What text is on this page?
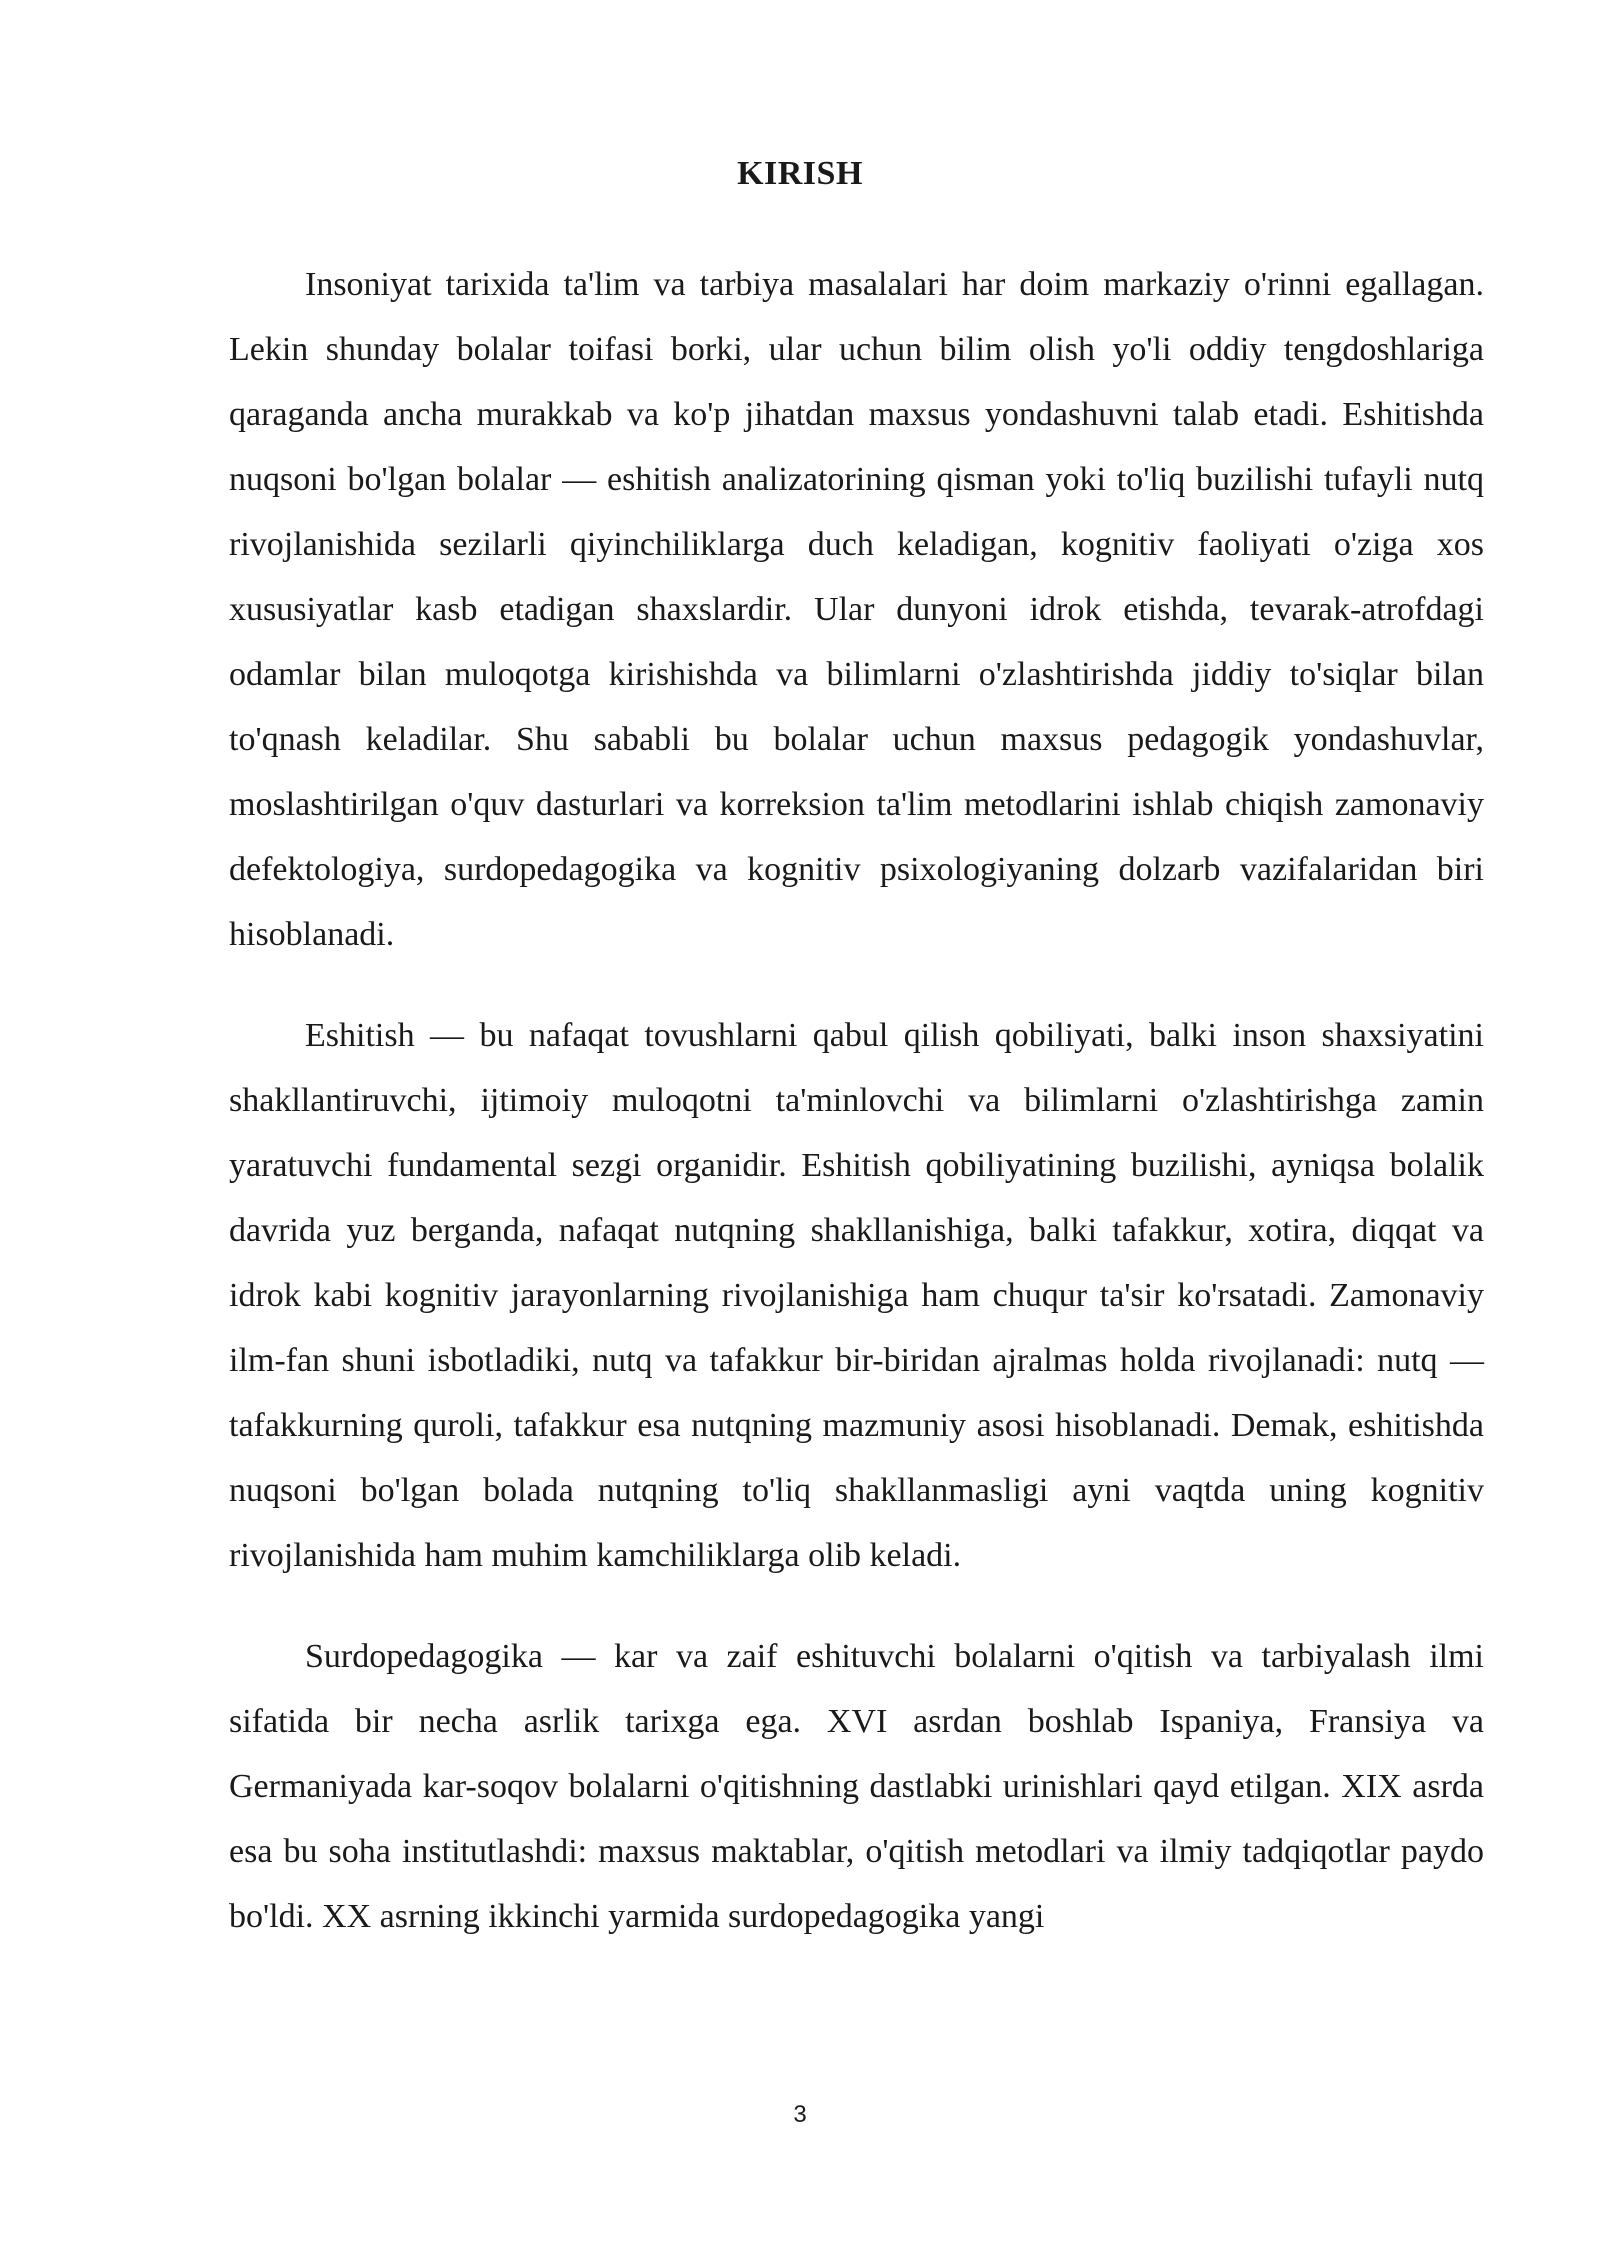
KIRISH

Insoniyat tarixida ta'lim va tarbiya masalalari har doim markaziy o'rinni egallagan. Lekin shunday bolalar toifasi borki, ular uchun bilim olish yo'li oddiy tengdoshlariga qaraganda ancha murakkab va ko'p jihatdan maxsus yondashuvni talab etadi. Eshitishda nuqsoni bo'lgan bolalar — eshitish analizatorining qisman yoki to'liq buzilishi tufayli nutq rivojlanishida sezilarli qiyinchiliklarga duch keladigan, kognitiv faoliyati o'ziga xos xususiyatlar kasb etadigan shaxslardir. Ular dunyoni idrok etishda, tevarak-atrofdagi odamlar bilan muloqotga kirishishda va bilimlarni o'zlashtirishda jiddiy to'siqlar bilan to'qnash keladilar. Shu sababli bu bolalar uchun maxsus pedagogik yondashuvlar, moslashtirilgan o'quv dasturlari va korreksion ta'lim metodlarini ishlab chiqish zamonaviy defektologiya, surdopedagogika va kognitiv psixologiyaning dolzarb vazifalaridan biri hisoblanadi.

Eshitish — bu nafaqat tovushlarni qabul qilish qobiliyati, balki inson shaxsiyatini shakllantiruvchi, ijtimoiy muloqotni ta'minlovchi va bilimlarni o'zlashtirishga zamin yaratuvchi fundamental sezgi organidir. Eshitish qobiliyatining buzilishi, ayniqsa bolalik davrida yuz berganda, nafaqat nutqning shakllanishiga, balki tafakkur, xotira, diqqat va idrok kabi kognitiv jarayonlarning rivojlanishiga ham chuqur ta'sir ko'rsatadi. Zamonaviy ilm-fan shuni isbotladiki, nutq va tafakkur bir-biridan ajralmas holda rivojlanadi: nutq — tafakkurning quroli, tafakkur esa nutqning mazmuniy asosi hisoblanadi. Demak, eshitishda nuqsoni bo'lgan bolada nutqning to'liq shakllanmasligi ayni vaqtda uning kognitiv rivojlanishida ham muhim kamchiliklarga olib keladi.

Surdopedagogika — kar va zaif eshituvchi bolalarni o'qitish va tarbiyalash ilmi sifatida bir necha asrlik tarixga ega. XVI asrdan boshlab Ispaniya, Fransiya va Germaniyada kar-soqov bolalarni o'qitishning dastlabki urinishlari qayd etilgan. XIX asrda esa bu soha institutlashdi: maxsus maktablar, o'qitish metodlari va ilmiy tadqiqotlar paydo bo'ldi. XX asrning ikkinchi yarmida surdopedagogika yangi

3
